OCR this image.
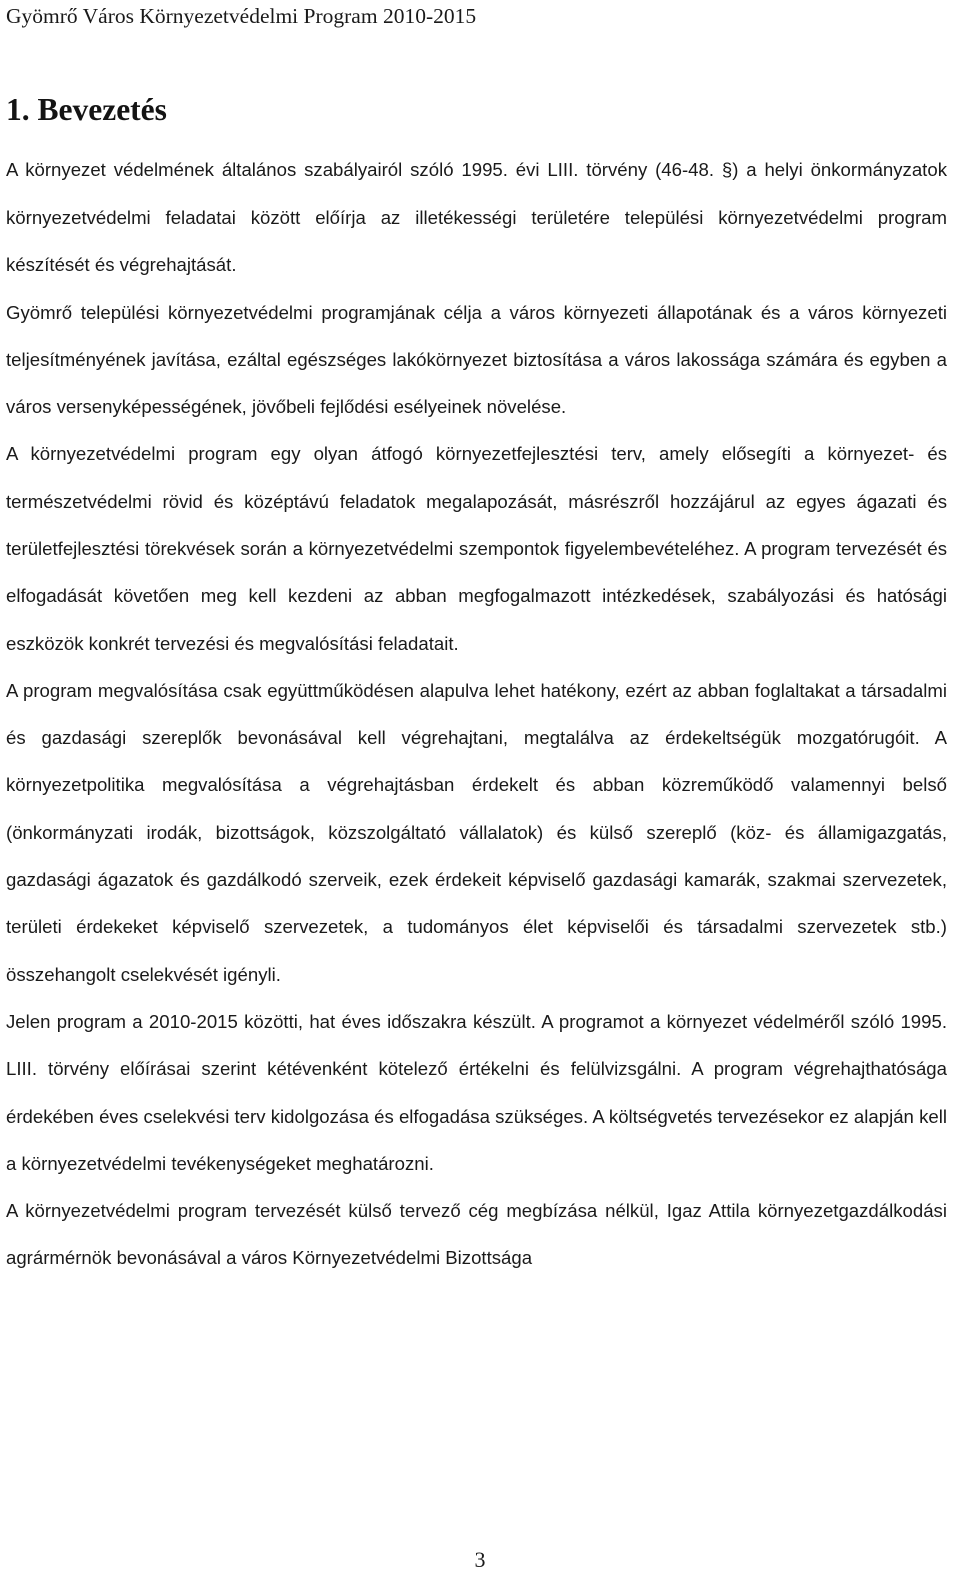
Gyömrő Város Környezetvédelmi Program 2010-2015
1. Bevezetés

A környezet védelmének általános szabályairól szóló 1995. évi LIII. törvény (46-48. §) a helyi önkormányzatok környezetvédelmi feladatai között előírja az illetékességi területére települési környezetvédelmi program készítését és végrehajtását.

Gyömrő települési környezetvédelmi programjának célja a város környezeti állapotának és a város környezeti teljesítményének javítása, ezáltal egészséges lakókörnyezet biztosítása a város lakossága számára és egyben a város versenyképességének, jövőbeli fejlődési esélyeinek növelése.

A környezetvédelmi program egy olyan átfogó környezetfejlesztési terv, amely elősegíti a környezet- és természetvédelmi rövid és középtávú feladatok megalapozását, másrészről hozzájárul az egyes ágazati és területfejlesztési törekvések során a környezetvédelmi szempontok figyelembevételéhez. A program tervezését és elfogadását követően meg kell kezdeni az abban megfogalmazott intézkedések, szabályozási és hatósági eszközök konkrét tervezési és megvalósítási feladatait.

A program megvalósítása csak együttműködésen alapulva lehet hatékony, ezért az abban foglaltakat a társadalmi és gazdasági szereplők bevonásával kell végrehajtani, megtalálva az érdekeltségük mozgatórugóit. A környezetpolitika megvalósítása a végrehajtásban érdekelt és abban közreműködő valamennyi belső (önkormányzati irodák, bizottságok, közszolgáltató vállalatok) és külső szereplő (köz- és államigazgatás, gazdasági ágazatok és gazdálkodó szerveik, ezek érdekeit képviselő gazdasági kamarák, szakmai szervezetek, területi érdekeket képviselő szervezetek, a tudományos élet képviselői és társadalmi szervezetek stb.) összehangolt cselekvését igényli.

Jelen program a 2010-2015 közötti, hat éves időszakra készült. A programot a környezet védelméről szóló 1995. LIII. törvény előírásai szerint kétévenként kötelező értékelni és felülvizsgálni. A program végrehajthatósága érdekében éves cselekvési terv kidolgozása és elfogadása szükséges. A költségvetés tervezésekor ez alapján kell a környezetvédelmi tevékenységeket meghatározni.

A környezetvédelmi program tervezését külső tervező cég megbízása nélkül, Igaz Attila környezetgazdálkodási agrármérnök bevonásával a város Környezetvédelmi Bizottsága

3
